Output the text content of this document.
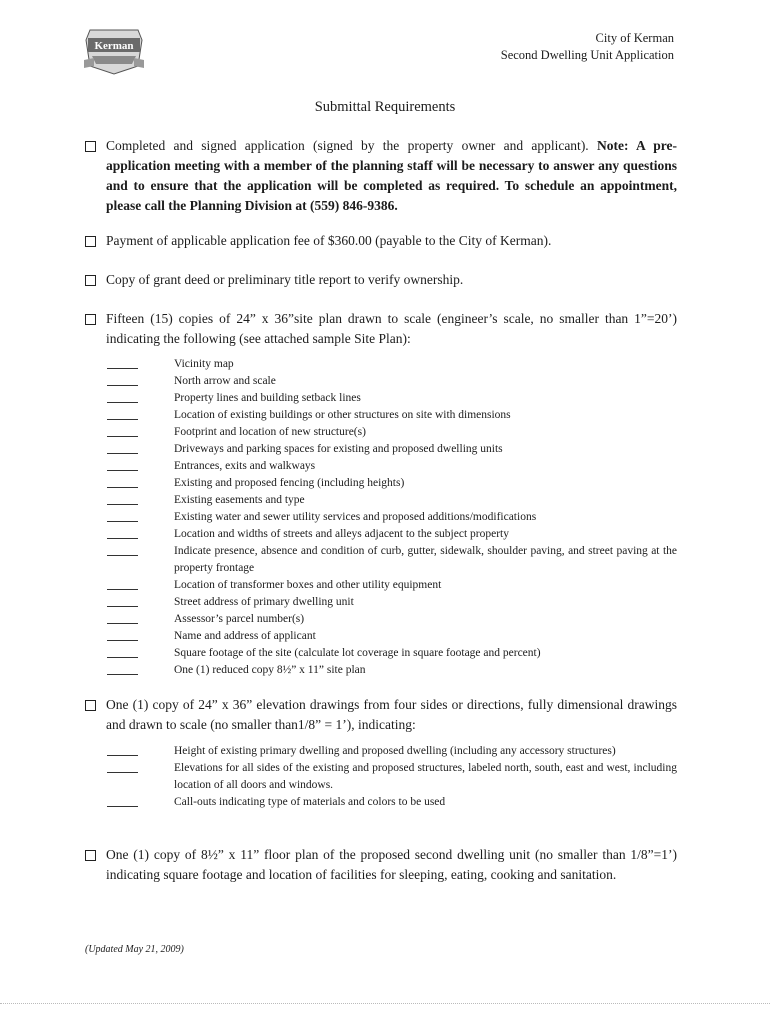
Kerman
City of Kerman
Second Dwelling Unit Application
Submittal Requirements
Completed and signed application (signed by the property owner and applicant). Note: A pre-application meeting with a member of the planning staff will be necessary to answer any questions and to ensure that the application will be completed as required. To schedule an appointment, please call the Planning Division at (559) 846-9386.
Payment of applicable application fee of $360.00 (payable to the City of Kerman).
Copy of grant deed or preliminary title report to verify ownership.
Fifteen (15) copies of 24” x 36”site plan drawn to scale (engineer’s scale, no smaller than 1”=20’) indicating the following (see attached sample Site Plan):
Vicinity map
North arrow and scale
Property lines and building setback lines
Location of existing buildings or other structures on site with dimensions
Footprint and location of new structure(s)
Driveways and parking spaces for existing and proposed dwelling units
Entrances, exits and walkways
Existing and proposed fencing (including heights)
Existing easements and type
Existing water and sewer utility services and proposed additions/modifications
Location and widths of streets and alleys adjacent to the subject property
Indicate presence, absence and condition of curb, gutter, sidewalk, shoulder paving, and street paving at the property frontage
Location of transformer boxes and other utility equipment
Street address of primary dwelling unit
Assessor’s parcel number(s)
Name and address of applicant
Square footage of the site (calculate lot coverage in square footage and percent)
One (1) reduced copy 8½” x 11” site plan
One (1) copy of 24” x 36” elevation drawings from four sides or directions, fully dimensional drawings and drawn to scale (no smaller than1/8” = 1’), indicating:
Height of existing primary dwelling and proposed dwelling (including any accessory structures)
Elevations for all sides of the existing and proposed structures, labeled north, south, east and west, including location of all doors and windows.
Call-outs indicating type of materials and colors to be used
One (1) copy of 8½” x 11” floor plan of the proposed second dwelling unit (no smaller than 1/8”=1’) indicating square footage and location of facilities for sleeping, eating, cooking and sanitation.
(Updated May 21, 2009)
